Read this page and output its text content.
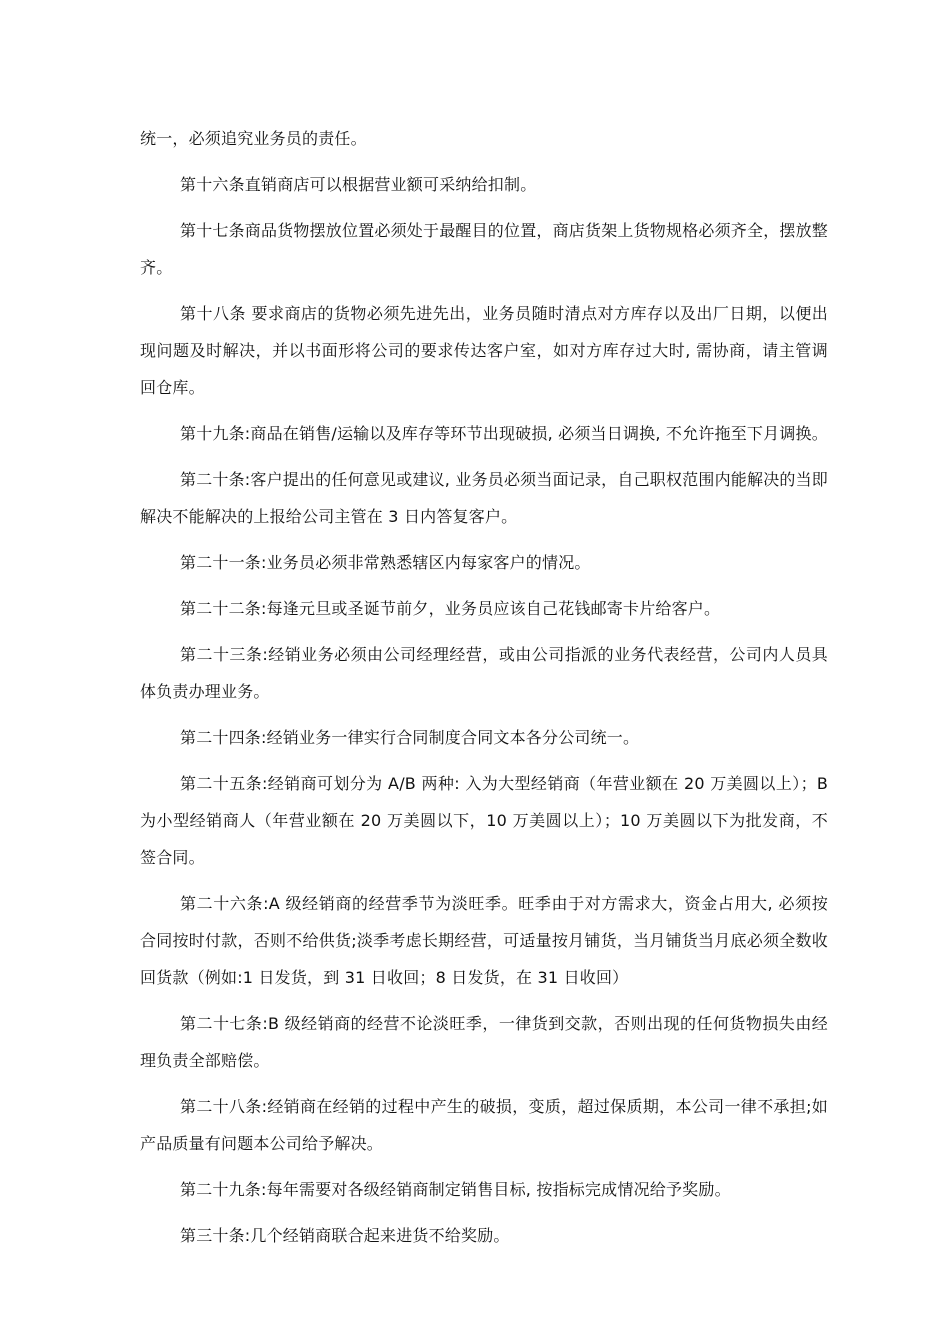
统一，必须追究业务员的责任。

第十六条直销商店可以根据营业额可采纳给扣制。

第十七条商品货物摆放位置必须处于最醒目的位置，商店货架上货物规格必须齐全，摆放整齐。

第十八条 要求商店的货物必须先进先出，业务员随时清点对方库存以及出厂日期，以便出现问题及时解决，并以书面形将公司的要求传达客户室，如对方库存过大时, 需协商，请主管调回仓库。

第十九条:商品在销售/运输以及库存等环节出现破损, 必须当日调换, 不允许拖至下月调换。

第二十条:客户提出的任何意见或建议, 业务员必须当面记录，自己职权范围内能解决的当即解决不能解决的上报给公司主管在 3 日内答复客户。

第二十一条:业务员必须非常熟悉辖区内每家客户的情况。

第二十二条:每逢元旦或圣诞节前夕，业务员应该自己花钱邮寄卡片给客户。

第二十三条:经销业务必须由公司经理经营，或由公司指派的业务代表经营，公司内人员具体负责办理业务。

第二十四条:经销业务一律实行合同制度合同文本各分公司统一。

第二十五条:经销商可划分为 A/B 两种: 入为大型经销商（年营业额在 20 万美圆以上）；B 为小型经销商人（年营业额在 20 万美圆以下，10 万美圆以上）；10 万美圆以下为批发商，不签合同。

第二十六条:A 级经销商的经营季节为淡旺季。旺季由于对方需求大，资金占用大, 必须按合同按时付款，否则不给供货;淡季考虑长期经营，可适量按月铺货，当月铺货当月底必须全数收回货款（例如:1 日发货，到 31 日收回；8 日发货，在 31 日收回）

第二十七条:B 级经销商的经营不论淡旺季，一律货到交款，否则出现的任何货物损失由经理负责全部赔偿。

第二十八条:经销商在经销的过程中产生的破损，变质，超过保质期，本公司一律不承担;如产品质量有问题本公司给予解决。

第二十九条:每年需要对各级经销商制定销售目标, 按指标完成情况给予奖励。

第三十条:几个经销商联合起来进货不给奖励。
